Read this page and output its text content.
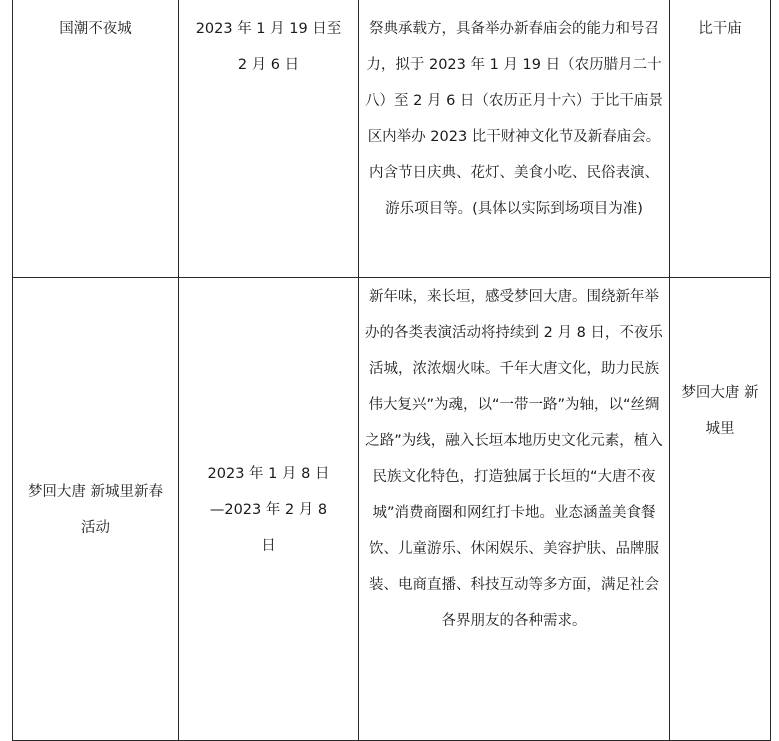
国潮不夜城	2023 年 1 月 19 日至 2 月 6 日	祭典承载方，具备举办新春庙会的能力和号召力，拟于 2023 年 1 月 19 日（农历腊月二十八）至 2 月 6 日（农历正月十六）于比干庙景区内举办 2023 比干财神文化节及新春庙会。内含节日庆典、花灯、美食小吃、民俗表演、游乐项目等。(具体以实际到场项目为准)	比干庙

梦回大唐 新城里新春活动	2023 年 1 月 8 日—2023 年 2 月 8 日	新年味，来长垣，感受梦回大唐。围绕新年举办的各类表演活动将持续到 2 月 8 日，不夜乐活城，浓浓烟火味。千年大唐文化，助力民族伟大复兴”为魂，以“一带一路”为轴，以“丝绸之路”为线，融入长垣本地历史文化元素，植入民族文化特色，打造独属于长垣的“大唐不夜城”消费商圈和网红打卡地。业态涵盖美食餐饮、儿童游乐、休闲娱乐、美容护肤、品牌服装、电商直播、科技互动等多方面，满足社会各界朋友的各种需求。	梦回大唐 新城里
